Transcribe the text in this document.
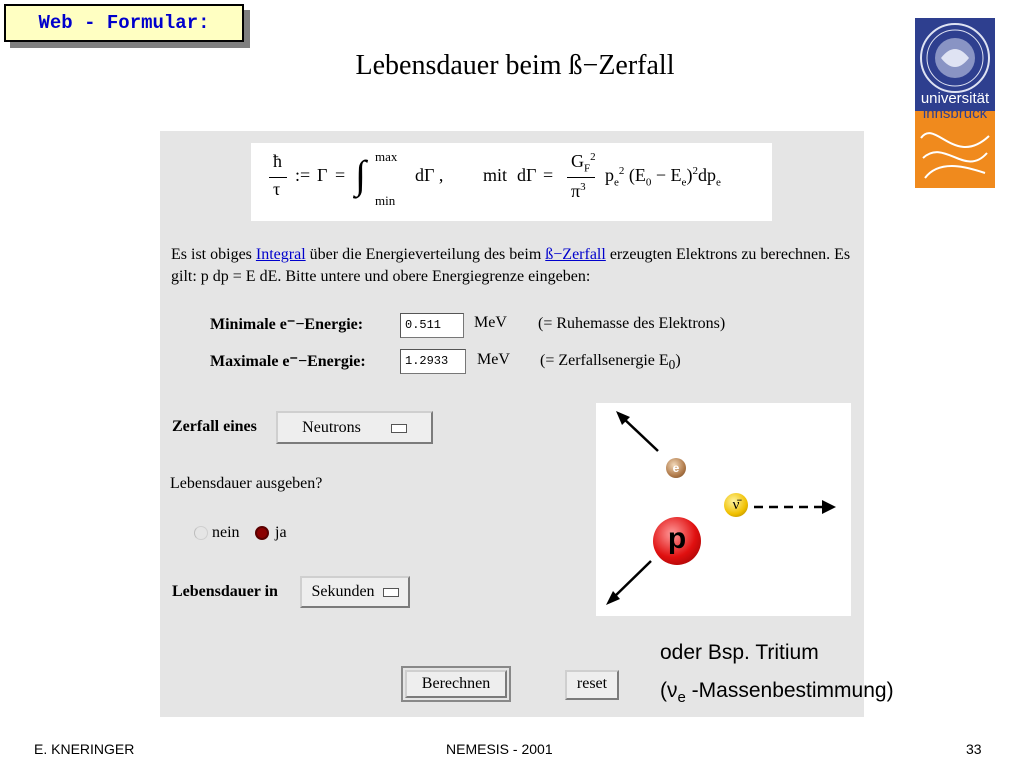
Web - Formular:
Lebensdauer beim ß−Zerfall
universität
innsbruck
ħ
τ
:= Γ = ∫ max
min
dΓ , mit dΓ =
$G_F^2$
$\pi^3$
$p_e^2$ $(E_0 - E_e)^2dp_e$
Es ist obiges Integral über die Energieverteilung des beim ß−Zerfall erzeugten Elektrons zu berechnen. Es gilt: p dp = E dE. Bitte untere und obere Energiegrenze eingeben:
Minimale e⁻−Energie:	0.511	MeV (= Ruhemasse des Elektrons)
Maximale e⁻−Energie:	1.2933	MeV (= Zerfallsenergie $E_0$)
Zerfall eines	Neutrons
Lebensdauer ausgeben?
nein ja
Lebensdauer in	Sekunden
Berechnen	reset
e
ν̄
p
oder Bsp. Tritium
($\nu_e$ -Massenbestimmung)
E. KNERINGER	NEMESIS - 2001	33
